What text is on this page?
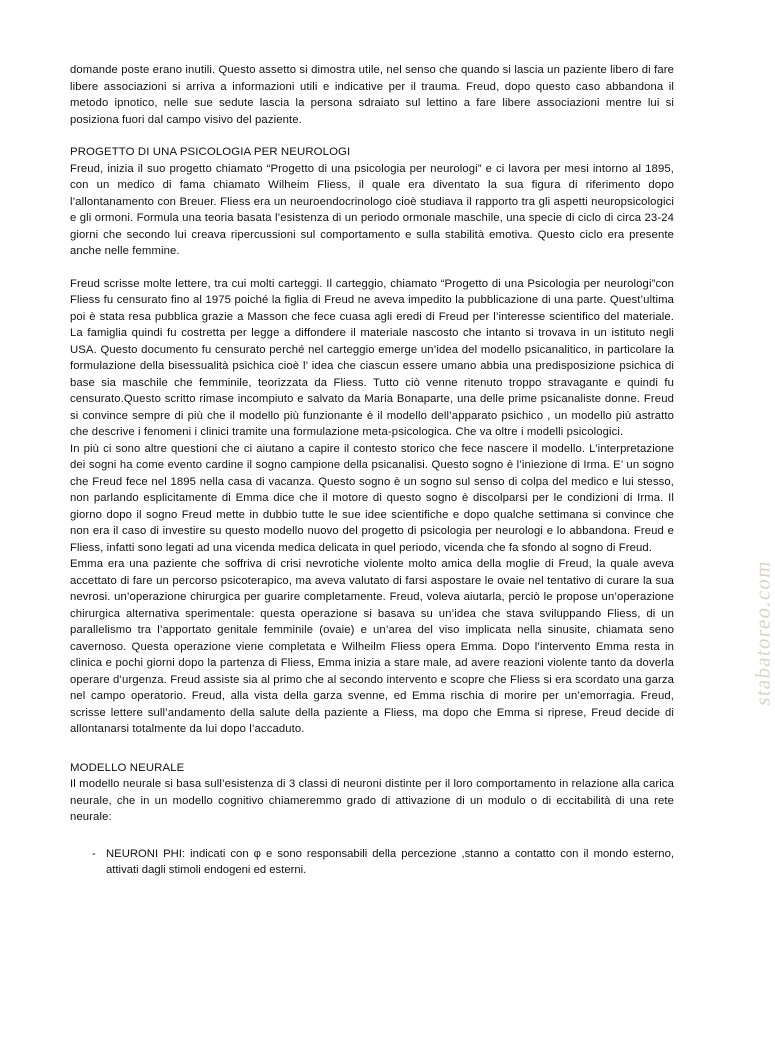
stabatoreo.com

domande poste erano inutili. Questo assetto si dimostra utile, nel senso che quando si lascia un paziente libero di fare libere associazioni si arriva a informazioni utili e indicative per il trauma. Freud, dopo questo caso abbandona il metodo ipnotico, nelle sue sedute lascia la persona sdraiato sul lettino a fare libere associazioni mentre lui si posiziona fuori dal campo visivo del paziente.

PROGETTO DI UNA PSICOLOGIA PER NEUROLOGI

Freud, inizia il suo progetto chiamato “Progetto di una psicologia per neurologi” e ci lavora per mesi intorno al 1895, con un medico di fama chiamato Wilheim Fliess, il quale era diventato la sua figura di riferimento dopo l’allontanamento con Breuer. Fliess era un neuroendocrinologo cioè studiava il rapporto tra gli aspetti neuropsicologici e gli ormoni. Formula una teoria basata l’esistenza di un periodo ormonale maschile, una specie di ciclo di circa 23-24 giorni che secondo lui creava ripercussioni sul comportamento e sulla stabilità emotiva. Questo ciclo era presente anche nelle femmine.

Freud scrisse molte lettere, tra cui molti carteggi. Il carteggio, chiamato “Progetto di una Psicologia per neurologi”con Fliess fu censurato fino al 1975 poiché la figlia di Freud ne aveva impedito la pubblicazione di una parte. Quest’ultima poi è stata resa pubblica grazie a Masson che fece cuasa agli eredi di Freud per l’interesse scientifico del materiale. La famiglia quindi fu costretta per legge a diffondere il materiale nascosto che intanto si trovava in un istituto negli USA. Questo documento fu censurato perché nel carteggio emerge un’idea del modello psicanalitico, in particolare la formulazione della bisessualità psichica cioè l’ idea che ciascun essere umano abbia una predisposizione psichica di base sia maschile che femminile, teorizzata da Fliess. Tutto ciò venne ritenuto troppo stravagante e quindi fu censurato.Questo scritto rimase incompiuto e salvato da Maria Bonaparte, una delle prime psicanaliste donne. Freud si convince sempre di più che il modello più funzionante è il modello dell’apparato psichico , un modello più astratto che descrive i fenomeni i clinici tramite una formulazione meta-psicologica. Che va oltre i modelli psicologici.

In più ci sono altre questioni che ci aiutano a capire il contesto storico che fece nascere il modello. L’interpretazione dei sogni ha come evento cardine il sogno campione della psicanalisi. Questo sogno è l’iniezione di Irma. E’ un sogno che Freud fece nel 1895 nella casa di vacanza. Questo sogno è un sogno sul senso di colpa del medico e lui stesso, non parlando esplicitamente di Emma dice che il motore di questo sogno è discolparsi per le condizioni di Irma. Il giorno dopo il sogno Freud mette in dubbio tutte le sue idee scientifiche e dopo qualche settimana si convince che non era il caso di investire su questo modello nuovo del progetto di psicologia per neurologi e lo abbandona. Freud e Fliess, infatti sono legati ad una vicenda medica delicata in quel periodo, vicenda che fa sfondo al sogno di Freud.

Emma era una paziente che soffriva di crisi nevrotiche violente molto amica della moglie di Freud, la quale aveva accettato di fare un percorso psicoterapico, ma aveva valutato di farsi aspostare le ovaie nel tentativo di curare la sua nevrosi. un’operazione chirurgica per guarire completamente. Freud, voleva aiutarla, perciò le propose un’operazione chirurgica alternativa sperimentale: questa operazione si basava su un’idea che stava sviluppando Fliess, di un parallelismo tra l’apportato genitale femminile (ovaie) e un’area del viso implicata nella sinusite, chiamata seno cavernoso. Questa operazione viene completata e Wilheilm Fliess opera Emma. Dopo l’intervento Emma resta in clinica e pochi giorni dopo la partenza di Fliess, Emma inizia a stare male, ad avere reazioni violente tanto da doverla operare d’urgenza. Freud assiste sia al primo che al secondo intervento e scopre che Fliess si era scordato una garza nel campo operatorio. Freud, alla vista della garza svenne, ed Emma rischia di morire per un’emorragia. Freud, scrisse lettere sull’andamento della salute della paziente a Fliess, ma dopo che Emma si riprese, Freud decide di allontanarsi totalmente da lui dopo l’accaduto.

MODELLO NEURALE

Il modello neurale si basa sull’esistenza di 3 classi di neuroni distinte per il loro comportamento in relazione alla carica neurale, che in un modello cognitivo chiameremmo grado di attivazione di un modulo o di eccitabilità di una rete neurale:

- NEURONI PHI: indicati con φ e sono responsabili della percezione ,stanno a contatto con il mondo esterno, attivati dagli stimoli endogeni ed esterni.
